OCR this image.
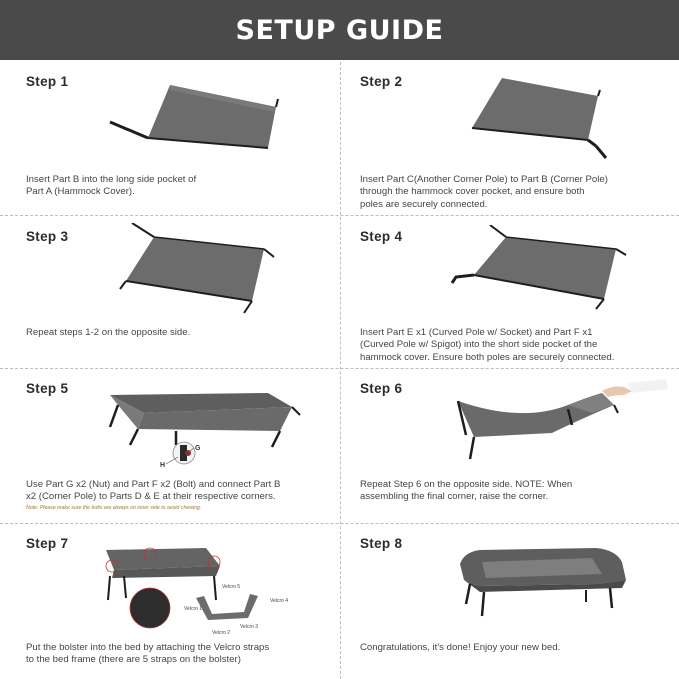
SETUP GUIDE
Step 1
Insert Part B into the long side pocket of
Part A (Hammock Cover).
Step 2
Insert Part C(Another Corner Pole) to Part B (Corner Pole)
through the hammock cover pocket, and ensure both
poles are securely connected.
Step 3
Repeat steps 1-2 on the opposite side.
Step 4
Insert Part E x1 (Curved Pole w/ Socket) and Part F x1
(Curved Pole w/ Spigot) into the short side pocket of the
hammock cover. Ensure both poles are securely connected.
Step 5
G
H
Use Part G x2 (Nut) and Part F x2 (Bolt) and connect Part B
x2 (Corner Pole) to Parts D & E at their respective corners.
Note: Please make sure the bolts are always on inner side to avoid chewing.
Step 6
Repeat Step 6 on the opposite side. NOTE: When
assembling the final corner, raise the corner.
Step 7
Velcro 5
Velcro 4
Velcro 1
Velcro 3
Velcro 2
Put the bolster into the bed by attaching the Velcro straps
to the bed frame (there are 5 straps on the bolster)
Step 8
Congratulations, it's done! Enjoy your new bed.
